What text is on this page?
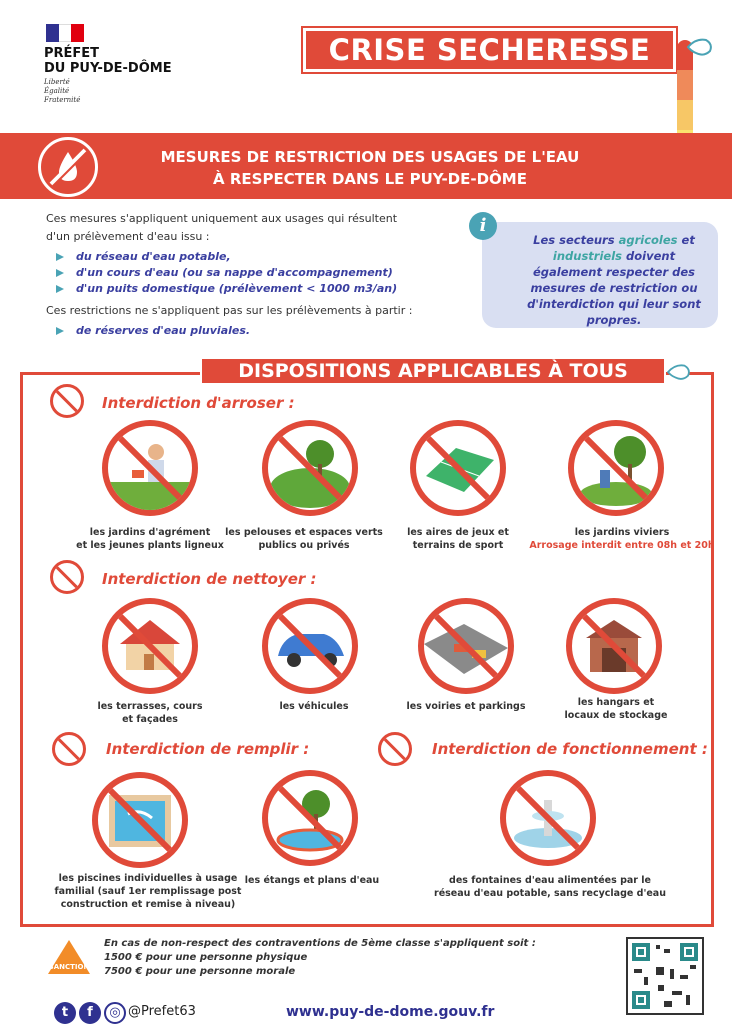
PRÉFET
DU PUY-DE-DÔME
Liberté
Égalité
Fraternité
CRISE SECHERESSE
MESURES DE RESTRICTION DES USAGES DE L'EAU
À RESPECTER DANS LE PUY-DE-DÔME

Ces mesures s'appliquent uniquement aux usages qui résultent

d'un prélèvement d'eau issu :

du réseau d'eau potable,
d'un cours d'eau (ou sa nappe d'accompagnement)
d'un puits domestique (prélèvement < 1000 m3/an)

Ces restrictions ne s'appliquent pas sur les prélèvements à partir :

de réserves d'eau pluviales.
Les secteurs agricoles et industriels doivent également respecter des mesures de restriction ou d'interdiction qui leur sont propres.
i
DISPOSITIONS APPLICABLES À TOUS
Interdiction d'arroser :
les jardins d'agrément
et les jeunes plants ligneux
les pelouses et espaces verts
publics ou privés
les aires de jeux et
terrains de sport
les jardins viviers
Arrosage interdit entre 08h et 20h
Interdiction de nettoyer :
les terrasses, cours
et façades
les véhicules	les voiries et parkings	les hangars et
locaux de stockage
Interdiction de remplir :	Interdiction de fonctionnement :
les piscines individuelles à usage
familial (sauf 1er remplissage post
construction et remise à niveau)
les étangs et plans d'eau	des fontaines d'eau alimentées par le
réseau d'eau potable, sans recyclage d'eau
SANCTION
En cas de non-respect des contraventions de 5ème classe s'appliquent soit :
1500 € pour une personne physique
7500 € pour une personne morale
t	f	◎ @Prefet63	www.puy-de-dome.gouv.fr
